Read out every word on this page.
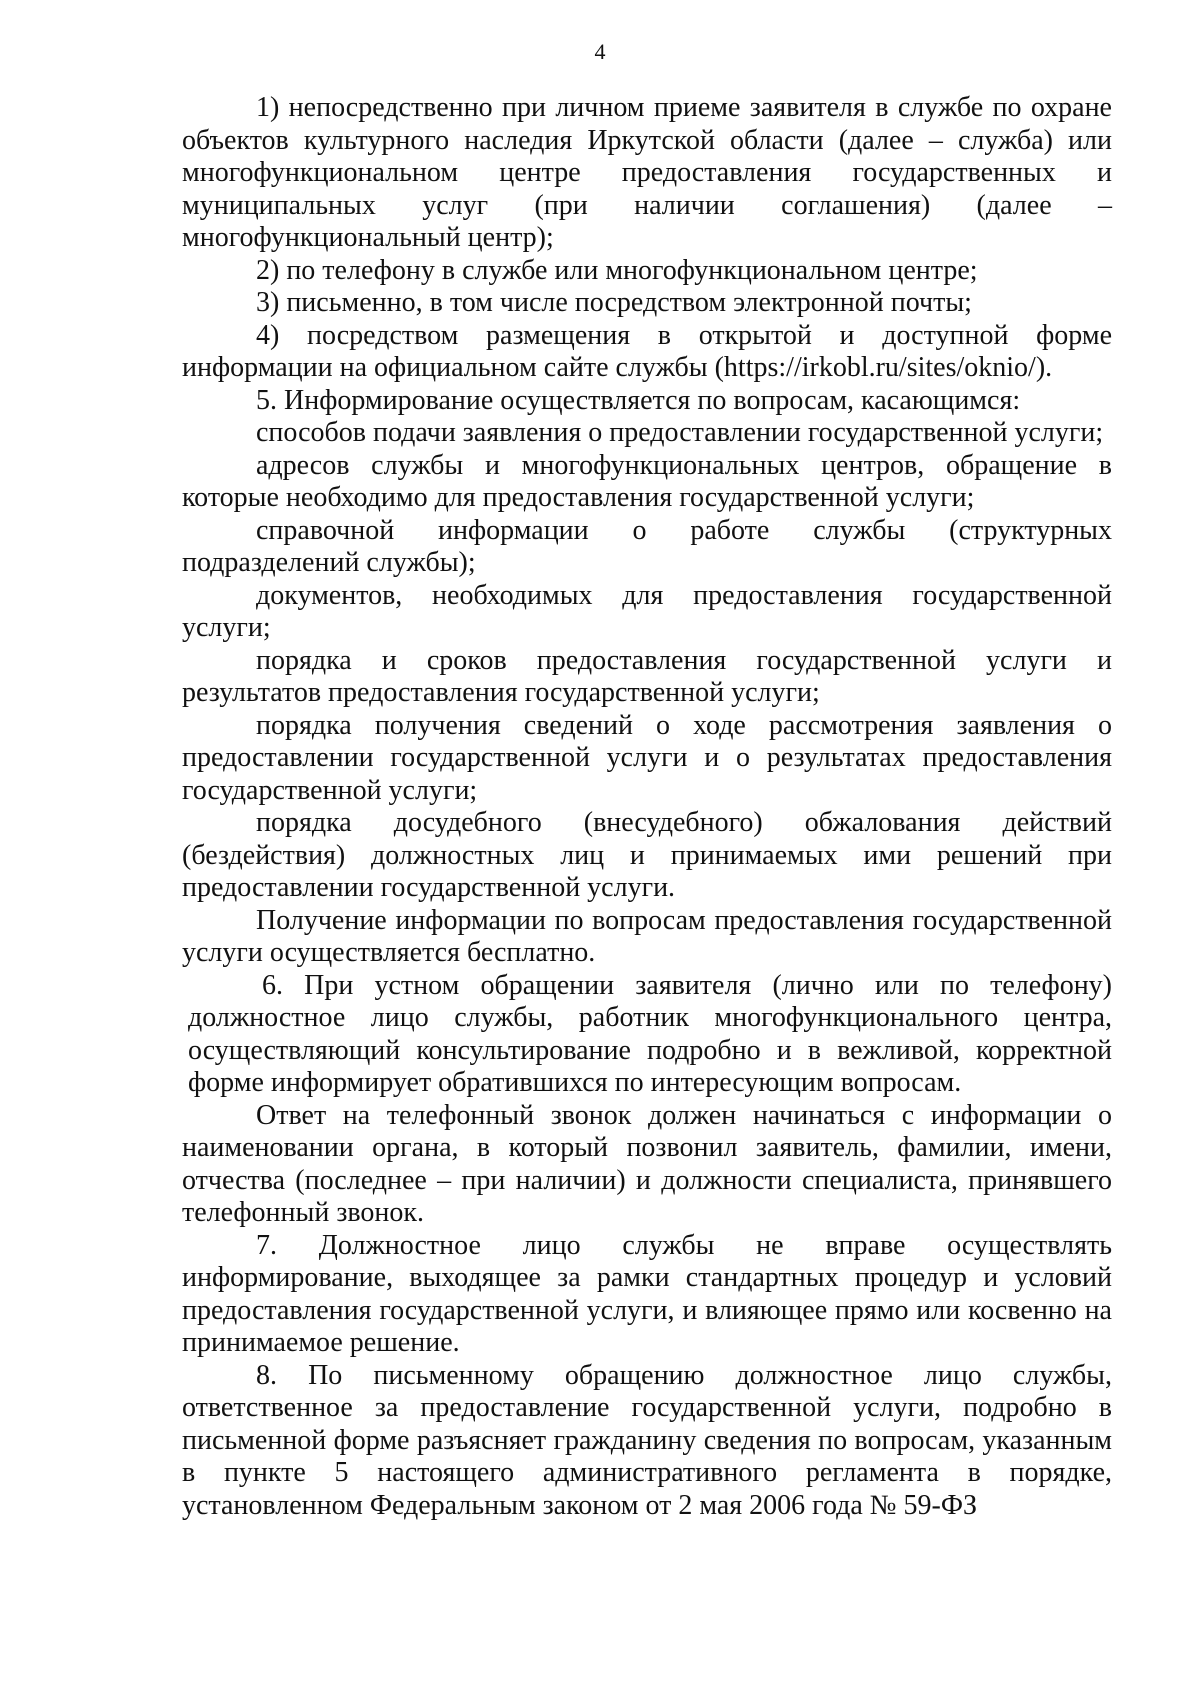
4

1) непосредственно при личном приеме заявителя в службе по охране объектов культурного наследия Иркутской области (далее – служба) или многофункциональном центре предоставления государственных и муниципальных услуг (при наличии соглашения) (далее – многофункциональный центр);

2) по телефону в службе или многофункциональном центре;

3) письменно, в том числе посредством электронной почты;

4) посредством размещения в открытой и доступной форме информации на официальном сайте службы (https://irkobl.ru/sites/oknio/).

5. Информирование осуществляется по вопросам, касающимся:

способов подачи заявления о предоставлении государственной услуги;

адресов службы и многофункциональных центров, обращение в которые необходимо для предоставления государственной услуги;

справочной информации о работе службы (структурных подразделений службы);

документов, необходимых для предоставления государственной услуги;

порядка и сроков предоставления государственной услуги и результатов предоставления государственной услуги;

порядка получения сведений о ходе рассмотрения заявления о предоставлении государственной услуги и о результатах предоставления государственной услуги;

порядка досудебного (внесудебного) обжалования действий (бездействия) должностных лиц и принимаемых ими решений при предоставлении государственной услуги.

Получение информации по вопросам предоставления государственной услуги осуществляется бесплатно.

6. При устном обращении заявителя (лично или по телефону) должностное лицо службы, работник многофункционального центра, осуществляющий консультирование подробно и в вежливой, корректной форме информирует обратившихся по интересующим вопросам.

Ответ на телефонный звонок должен начинаться с информации о наименовании органа, в который позвонил заявитель, фамилии, имени, отчества (последнее – при наличии) и должности специалиста, принявшего телефонный звонок.

7. Должностное лицо службы не вправе осуществлять информирование, выходящее за рамки стандартных процедур и условий предоставления государственной услуги, и влияющее прямо или косвенно на принимаемое решение.

8. По письменному обращению должностное лицо службы, ответственное за предоставление государственной услуги, подробно в письменной форме разъясняет гражданину сведения по вопросам, указанным в пункте 5 настоящего административного регламента в порядке, установленном Федеральным законом от 2 мая 2006 года № 59-ФЗ
